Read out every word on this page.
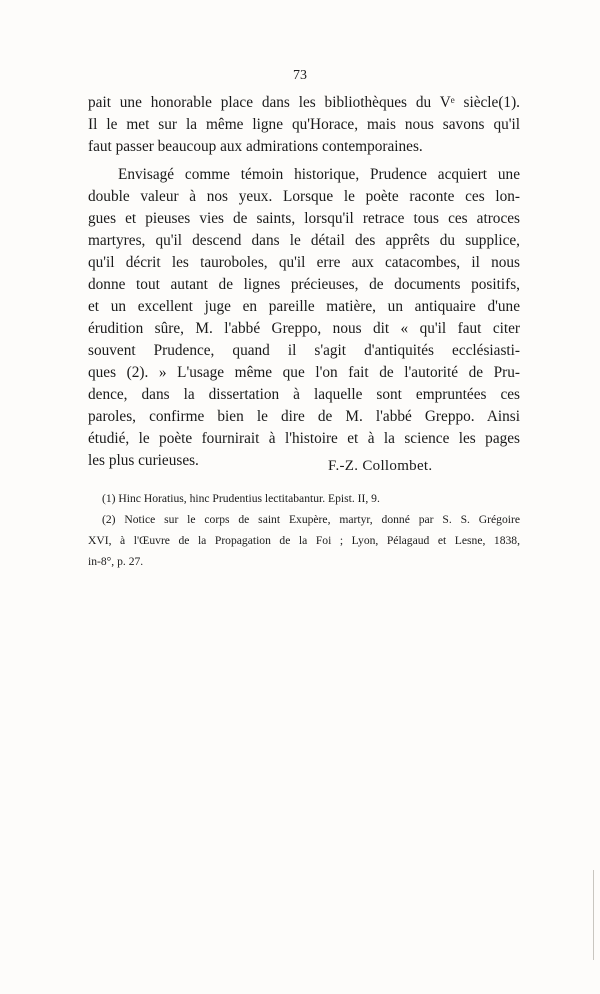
73
pait une honorable place dans les bibliothèques du Vᵉ siècle(1).
Il le met sur la même ligne qu'Horace, mais nous savons qu'il
faut passer beaucoup aux admirations contemporaines.
Envisagé comme témoin historique, Prudence acquiert une
double valeur à nos yeux. Lorsque le poète raconte ces lon-
gues et pieuses vies de saints, lorsqu'il retrace tous ces atroces
martyres, qu'il descend dans le détail des apprêts du supplice,
qu'il décrit les tauroboles, qu'il erre aux catacombes, il nous
donne tout autant de lignes précieuses, de documents positifs,
et un excellent juge en pareille matière, un antiquaire d'une
érudition sûre, M. l'abbé Greppo, nous dit « qu'il faut citer
souvent Prudence, quand il s'agit d'antiquités ecclésiasti-
ques (2). » L'usage même que l'on fait de l'autorité de Pru-
dence, dans la dissertation à laquelle sont empruntées ces
paroles, confirme bien le dire de M. l'abbé Greppo. Ainsi
étudié, le poète fournirait à l'histoire et à la science les pages
les plus curieuses.	F.-Z. Collombet.
(1) Hinc Horatius, hinc Prudentius lectitabantur. Epist. II, 9.
(2) Notice sur le corps de saint Exupère, martyr, donné par S. S. Grégoire
XVI, à l'Œuvre de la Propagation de la Foi ; Lyon, Pélagaud et Lesne, 1838,
in-8°, p. 27.
